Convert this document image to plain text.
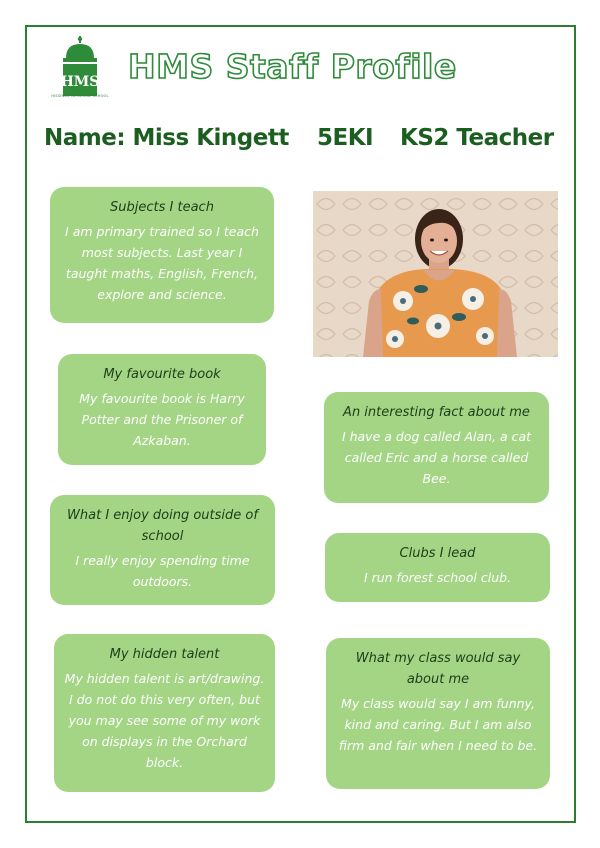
HMS
HISSINGS MEMORIAL SCHOOL
HMS Staff Profile
Name: Miss Kingett 5EKI KS2 Teacher
Subjects I teach
I am primary trained so I teach most subjects. Last year I taught maths, English, French, explore and science.
My favourite book
My favourite book is Harry Potter and the Prisoner of Azkaban.
What I enjoy doing outside of school
I really enjoy spending time outdoors.
My hidden talent
My hidden talent is art/drawing. I do not do this very often, but you may see some of my work on displays in the Orchard block.
An interesting fact about me
I have a dog called Alan, a cat called Eric and a horse called Bee.
Clubs I lead
I run forest school club.
What my class would say about me
My class would say I am funny, kind and caring. But I am also firm and fair when I need to be.
